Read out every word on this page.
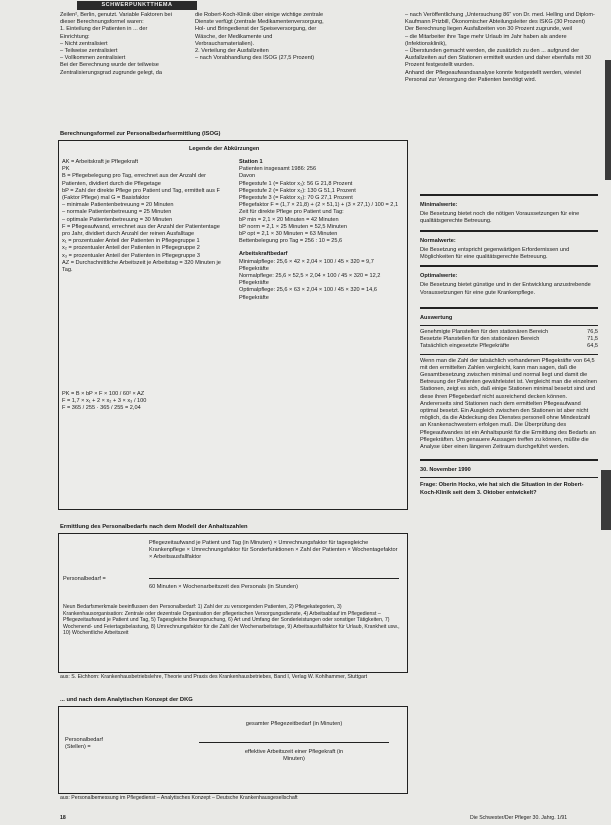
SCHWERPUNKTTHEMA

Zeilen², Berlin, genutzt. Variable Faktoren bei dieser Berechnungsformel waren:

1. Einteilung der Patienten in ... der Einrichtung:

– Nicht zentralisiert

– Teilweise zentralisiert

– Vollkommen zentralisiert

Bei der Berechnung wurde der teilweise Zentralisierungsgrad zugrunde gelegt, da

die Robert-Koch-Klinik über einige wichtige zentrale Dienste verfügt (zentrale Medikamentenversorgung, Hol- und Bringedienst der Speiseversorgung, der Wäsche, der Medikamente und Verbrauchsmaterialien).

2. Verteilung der Ausfallzeiten

– nach Vorabhandlung des ISOG (27,5 Prozent)

– nach Veröffentlichung „Untersuchung 86“ von Dr. med. Helling und Diplom-Kaufmann Prizbill, Ökonomischer Abteilungsleiter des ISKG (30 Prozent)

Der Berechnung liegen Ausfallzeiten von 30 Prozent zugrunde, weil

– die Mitarbeiter ihre Tage mehr Urlaub im Jahr haben als andere (Infektionsklinik),

– Überstunden gemacht werden, die zusätzlich zu den ... aufgrund der Ausfallzeiten auf den Stationen ermittelt wurden und daher ebenfalls mit 30 Prozent festgestellt wurden.

Anhand der Pflegeaufwandsanalyse konnte festgestellt werden, wieviel Personal zur Versorgung der Patienten benötigt wird.

Berechnungsformel zur Personalbedarfsermittlung (ISOG)
Legende der Abkürzungen

AK = Arbeitskraft je Pflegekraft

PK

B = Pflegebelegung pro Tag, errechnet aus der Anzahl der Patienten, dividiert durch die Pflegetage

bP = Zahl der direkte Pflege pro Patient und Tag, ermittelt aus F (Faktor Pflege) mal G = Basisfaktor

– minimale Patientenbetreuung = 20 Minuten

– normale Patientenbetreuung = 25 Minuten

– optimale Patientenbetreuung = 30 Minuten

F = Pflegeaufwand, errechnet aus der Anzahl der Patiententage pro Jahr, dividiert durch Anzahl der reinen Ausfalltage

x₁ = prozentualer Anteil der Patienten in Pflegegruppe 1

x₂ = prozentualer Anteil der Patienten in Pflegegruppe 2

x₃ = prozentualer Anteil der Patienten in Pflegegruppe 3

AZ = Durchschnittliche Arbeitszeit je Arbeitstag = 320 Minuten je Tag.

PK = B × bP × F × 100 / 60² × AZ

F = 1,7 × x₁ + 2 × x₂ + 3 × x₃ / 100

F = 365 / 255 · 365 / 255 = 2,04

Station 1

Patienten insgesamt 1986: 256

Davon

Pflegestufe 1 (= Faktor x₁): 56 G 21,8 Prozent

Pflegestufe 2 (= Faktor x₂): 130 G 51,1 Prozent

Pflegestufe 3 (= Faktor x₃): 70 G 27,1 Prozent

Pflegefaktor F = (1,7 × 21,8) + (2 × 51,1) + (3 × 27,1) / 100 = 2,1

Zeit für direkte Pflege pro Patient und Tag:

bP min = 2,1 × 20 Minuten = 42 Minuten

bP norm = 2,1 × 25 Minuten = 52,5 Minuten

bP opt = 2,1 × 30 Minuten = 63 Minuten

Bettenbelegung pro Tag = 256 : 10 = 25,6

Arbeitskraftbedarf

Minimalpflege: 25,6 × 42 × 2,04 × 100 / 45 × 320 = 9,7 Pflegekräfte

Normalpflege: 25,6 × 52,5 × 2,04 × 100 / 45 × 320 = 12,2 Pflegekräfte

Optimalpflege: 25,6 × 63 × 2,04 × 100 / 45 × 320 = 14,6 Pflegekräfte

Ermittlung des Personalbedarfs nach dem Modell der Anhaltszahlen
Pflegezeitaufwand je Patient und Tag (in Minuten) × Umrechnungsfaktor für tagesgleiche Krankenpflege × Umrechnungsfaktor für Sonderfunktionen × Zahl der Patienten × Wochentagefaktor × Arbeitsausfallfaktor
Personalbedarf =
60 Minuten × Wochenarbeitszeit des Personals (in Stunden)
Neun Bedarfsmerkmale beeinflussen den Personalbedarf: 1) Zahl der zu versorgenden Patienten, 2) Pflegekategorien, 3) Krankenhausorganisation: Zentrale oder dezentrale Organisation der pflegerischen Versorgungsdienste, 4) Arbeitsablauf im Pflegedienst – Pflegezeitaufwand je Patient und Tag, 5) Tagesgleiche Beanspruchung, 6) Art und Umfang der Sonderleistungen oder sonstiger Tätigkeiten, 7) Wochenend- und Feiertagsbelastung, 8) Umrechnungsfaktor für die Zahl der Wochenarbeitstage, 9) Arbeitsausfallfaktor für Urlaub, Krankheit usw., 10) Wöchentliche Arbeitszeit
aus: S. Eichhorn: Krankenhausbetriebslehre, Theorie und Praxis des Krankenhausbetriebes, Band I, Verlag W. Kohlhammer, Stuttgart
... und nach dem Analytischen Konzept der DKG
Personalbedarf (Stellen) =
gesamter Pflegezeitbedarf (in Minuten)
effektive Arbeitszeit einer Pflegekraft (in Minuten)
aus: Personalbemessung im Pflegedienst – Analytisches Konzept – Deutsche Krankenhausgesellschaft
Minimalwerte:

Die Besetzung bietet noch die nötigen Voraussetzungen für eine qualitätsgerechte Betreuung.

Normalwerte:

Die Besetzung entspricht gegenwärtigen Erfordernissen und Möglichkeiten für eine qualitätsgerechte Betreuung.

Optimalwerte:

Die Besetzung bietet günstige und in der Entwicklung anzustrebende Voraussetzungen für eine gute Krankenpflege.

Auswertung
Genehmigte Planstellen für den stationären Bereich	76,5
Besetzte Planstellen für den stationären Bereich	71,5
Tatsächlich eingesetzte Pflegekräfte	64,5

Wenn man die Zahl der tatsächlich vorhandenen Pflegekräfte von 64,5 mit den ermittelten Zahlen vergleicht, kann man sagen, daß die Gesamtbesetzung zwischen minimal und normal liegt und damit die Betreuung der Patienten gewährleistet ist. Vergleicht man die einzelnen Stationen, zeigt es sich, daß einige Stationen minimal besetzt sind und diese ihren Pflegebedarf nicht ausreichend decken können. Andererseits sind Stationen nach dem ermittelten Pflegeaufwand optimal besetzt. Ein Ausgleich zwischen den Stationen ist aber nicht möglich, da die Abdeckung des Dienstes personell ohne Mindestzahl an Krankenschwestern erfolgen muß. Die Überprüfung des Pflegeaufwandes ist ein Anhaltspunkt für die Ermittlung des Bedarfs an Pflegekräften. Um genauere Aussagen treffen zu können, müßte die Analyse über einen längeren Zeitraum durchgeführt werden.

30. November 1990

Frage: Oberin Hocko, wie hat sich die Situation in der Robert-Koch-Klinik seit dem 3. Oktober entwickelt?

18	Die Schwester/Der Pfleger 30. Jahrg. 1/91
